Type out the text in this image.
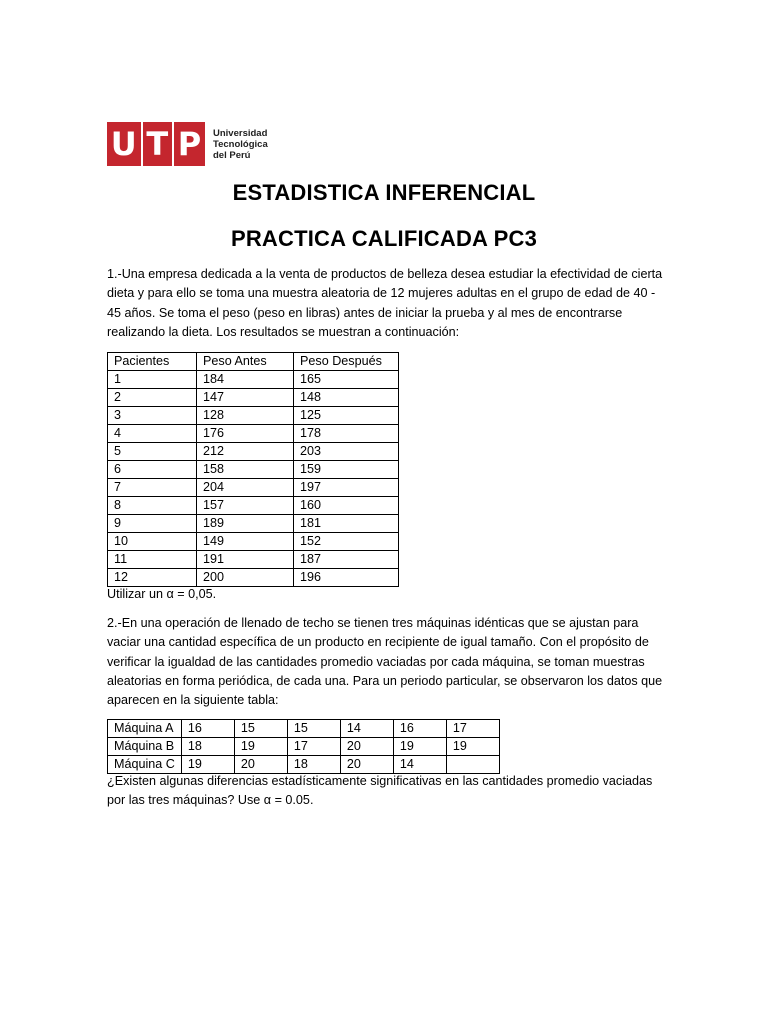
U T P Universidad
Tecnológica
del Perú
ESTADISTICA INFERENCIAL
PRACTICA CALIFICADA PC3
1.-Una empresa dedicada a la venta de productos de belleza desea estudiar la efectividad de cierta dieta y para ello se toma una muestra aleatoria de 12 mujeres adultas en el grupo de edad de 40 - 45 años. Se toma el peso (peso en libras) antes de iniciar la prueba y al mes de encontrarse realizando la dieta. Los resultados se muestran a continuación:
Pacientes	Peso Antes	Peso Después
1	184	165
2	147	148
3	128	125
4	176	178
5	212	203
6	158	159
7	204	197
8	157	160
9	189	181
10	149	152
11	191	187
12	200	196
Utilizar un α = 0,05.
2.-En una operación de llenado de techo se tienen tres máquinas idénticas que se ajustan para vaciar una cantidad específica de un producto en recipiente de igual tamaño. Con el propósito de verificar la igualdad de las cantidades promedio vaciadas por cada máquina, se toman muestras aleatorias en forma periódica, de cada una. Para un periodo particular, se observaron los datos que aparecen en la siguiente tabla:
Máquina A	16	15	15	14	16	17
Máquina B	18	19	17	20	19	19
Máquina C	19	20	18	20	14	
¿Existen algunas diferencias estadísticamente significativas en las cantidades promedio vaciadas por las tres máquinas? Use α = 0.05.
